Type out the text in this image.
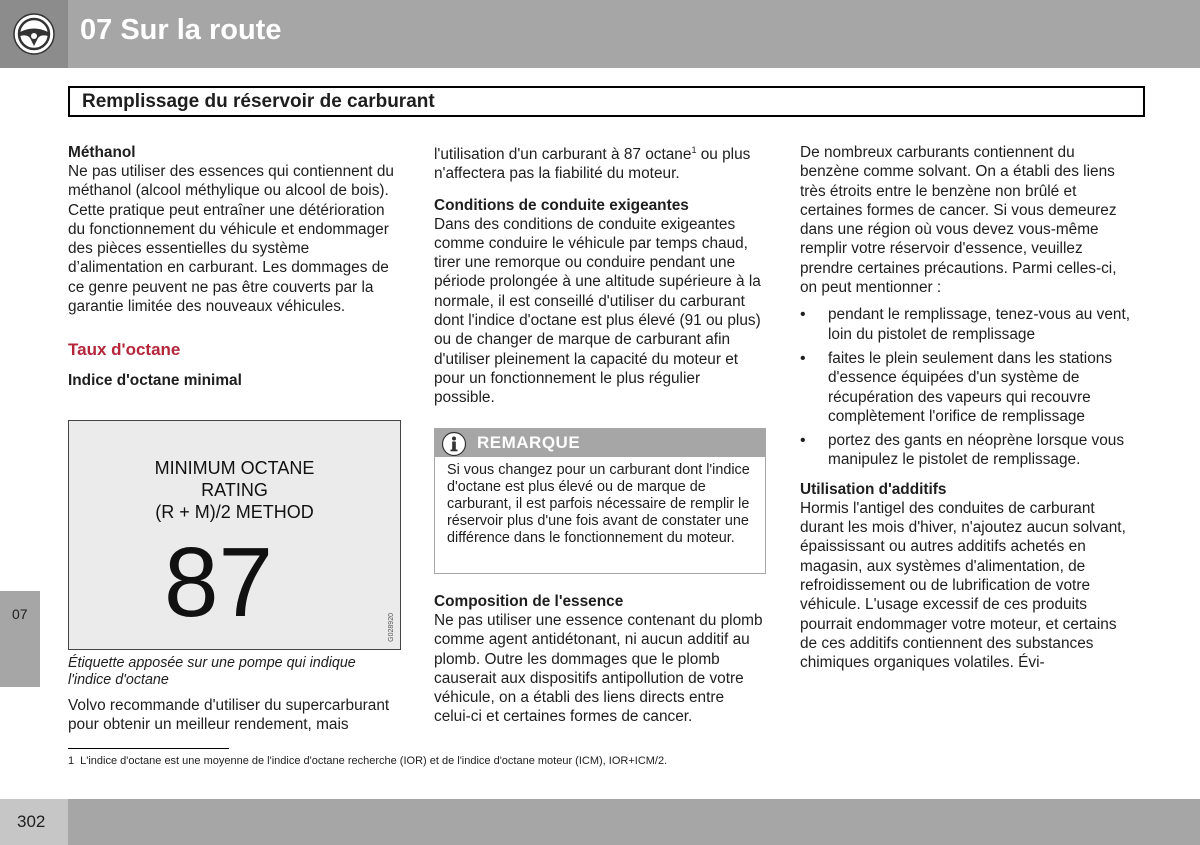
07 Sur la route
Remplissage du réservoir de carburant
07

Méthanol

Ne pas utiliser des essences qui contiennent du méthanol (alcool méthylique ou alcool de bois). Cette pratique peut entraîner une détérioration du fonctionnement du véhicule et endommager des pièces essentielles du système d’alimentation en carburant. Les dommages de ce genre peuvent ne pas être couverts par la garantie limitée des nouveaux véhicules.

Taux d'octane

Indice d'octane minimal

MINIMUM OCTANE
RATING
(R + M)/2 METHOD
87	G028920
Étiquette apposée sur une pompe qui indique l'indice d'octane

Volvo recommande d'utiliser du supercarburant pour obtenir un meilleur rendement, mais

l'utilisation d'un carburant à 87 octane$^1$ ou plus n'affectera pas la fiabilité du moteur.

Conditions de conduite exigeantes

Dans des conditions de conduite exigeantes comme conduire le véhicule par temps chaud, tirer une remorque ou conduire pendant une période prolongée à une altitude supérieure à la normale, il est conseillé d'utiliser du carburant dont l'indice d'octane est plus élevé (91 ou plus) ou de changer de marque de carburant afin d'utiliser pleinement la capacité du moteur et pour un fonctionnement le plus régulier possible.

REMARQUE
Si vous changez pour un carburant dont l'indice d'octane est plus élevé ou de marque de carburant, il est parfois nécessaire de remplir le réservoir plus d'une fois avant de constater une différence dans le fonctionnement du moteur.

Composition de l'essence

Ne pas utiliser une essence contenant du plomb comme agent antidétonant, ni aucun additif au plomb. Outre les dommages que le plomb causerait aux dispositifs antipollution de votre véhicule, on a établi des liens directs entre celui-ci et certaines formes de cancer.

De nombreux carburants contiennent du benzène comme solvant. On a établi des liens très étroits entre le benzène non brûlé et certaines formes de cancer. Si vous demeurez dans une région où vous devez vous-même remplir votre réservoir d'essence, veuillez prendre certaines précautions. Parmi celles-ci, on peut mentionner :

• pendant le remplissage, tenez-vous au vent, loin du pistolet de remplissage
• faites le plein seulement dans les stations d'essence équipées d'un système de récupération des vapeurs qui recouvre complètement l'orifice de remplissage
• portez des gants en néoprène lorsque vous manipulez le pistolet de remplissage.

Utilisation d'additifs

Hormis l'antigel des conduites de carburant durant les mois d'hiver, n'ajoutez aucun solvant, épaississant ou autres additifs achetés en magasin, aux systèmes d'alimentation, de refroidissement ou de lubrification de votre véhicule. L'usage excessif de ces produits pourrait endommager votre moteur, et certains de ces additifs contiennent des substances chimiques organiques volatiles. Évi-

1 L'indice d'octane est une moyenne de l'indice d'octane recherche (IOR) et de l'indice d'octane moteur (ICM), IOR+ICM/2.
302
